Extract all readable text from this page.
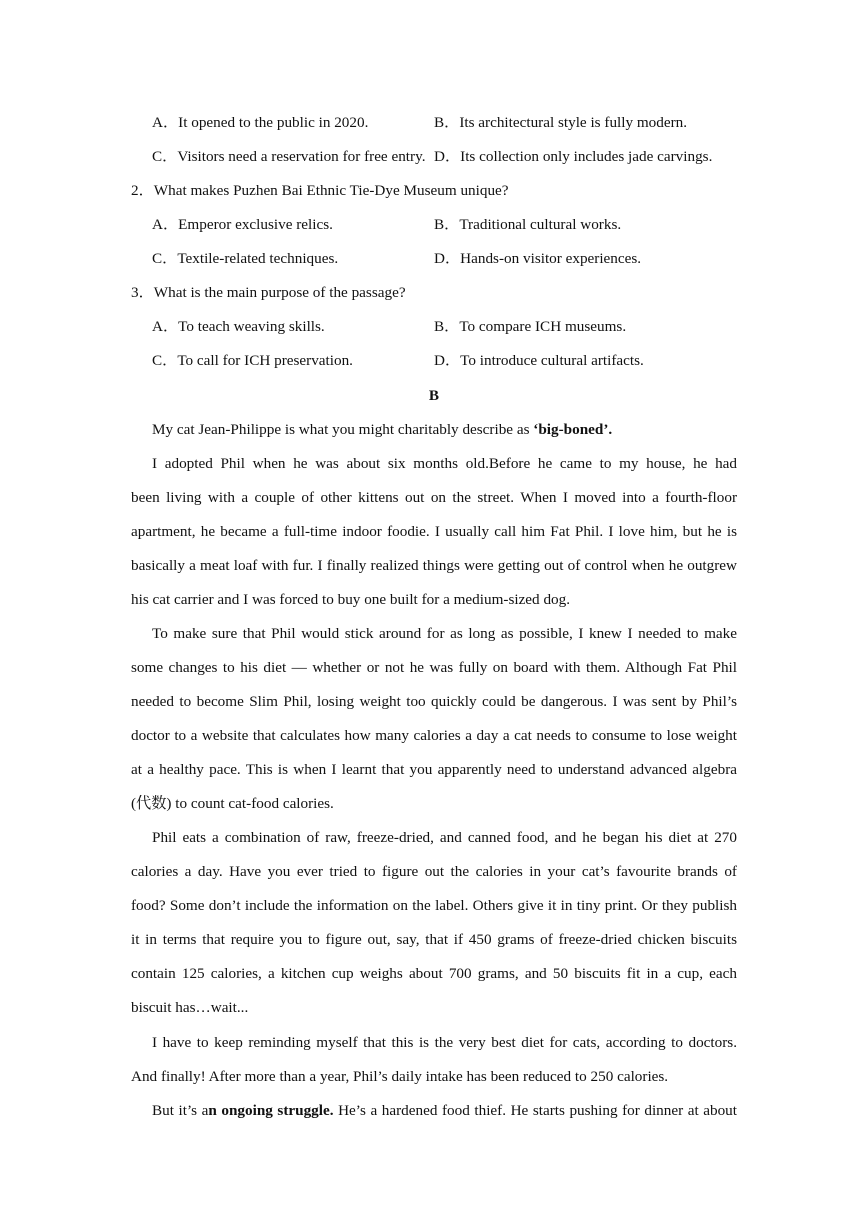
A．It opened to the public in 2020.	B．Its architectural style is fully modern.
C．Visitors need a reservation for free entry. D．Its collection only includes jade carvings.
2．What makes Puzhen Bai Ethnic Tie-Dye Museum unique?
A．Emperor exclusive relics.	B．Traditional cultural works.
C．Textile-related techniques.	D．Hands-on visitor experiences.
3．What is the main purpose of the passage?
A．To teach weaving skills.	B．To compare ICH museums.
C．To call for ICH preservation.	D．To introduce cultural artifacts.
B
My cat Jean-Philippe is what you might charitably describe as ‘big-boned’.
I adopted Phil when he was about six months old.Before he came to my house, he had
been living with a couple of other kittens out on the street. When I moved into a fourth-floor
apartment, he became a full-time indoor foodie. I usually call him Fat Phil. I love him, but he is
basically a meat loaf with fur. I finally realized things were getting out of control when he outgrew
his cat carrier and I was forced to buy one built for a medium-sized dog.
To make sure that Phil would stick around for as long as possible, I knew I needed to make
some changes to his diet — whether or not he was fully on board with them. Although Fat Phil
needed to become Slim Phil, losing weight too quickly could be dangerous. I was sent by Phil’s
doctor to a website that calculates how many calories a day a cat needs to consume to lose weight
at a healthy pace. This is when I learnt that you apparently need to understand advanced algebra
(代数) to count cat-food calories.
Phil eats a combination of raw, freeze-dried, and canned food, and he began his diet at 270
calories a day. Have you ever tried to figure out the calories in your cat’s favourite brands of
food? Some don’t include the information on the label. Others give it in tiny print. Or they publish
it in terms that require you to figure out, say, that if 450 grams of freeze-dried chicken biscuits
contain 125 calories, a kitchen cup weighs about 700 grams, and 50 biscuits fit in a cup, each
biscuit has…wait...
I have to keep reminding myself that this is the very best diet for cats, according to doctors.
And finally! After more than a year, Phil’s daily intake has been reduced to 250 calories.
But it’s an ongoing struggle. He’s a hardened food thief. He starts pushing for dinner at about
